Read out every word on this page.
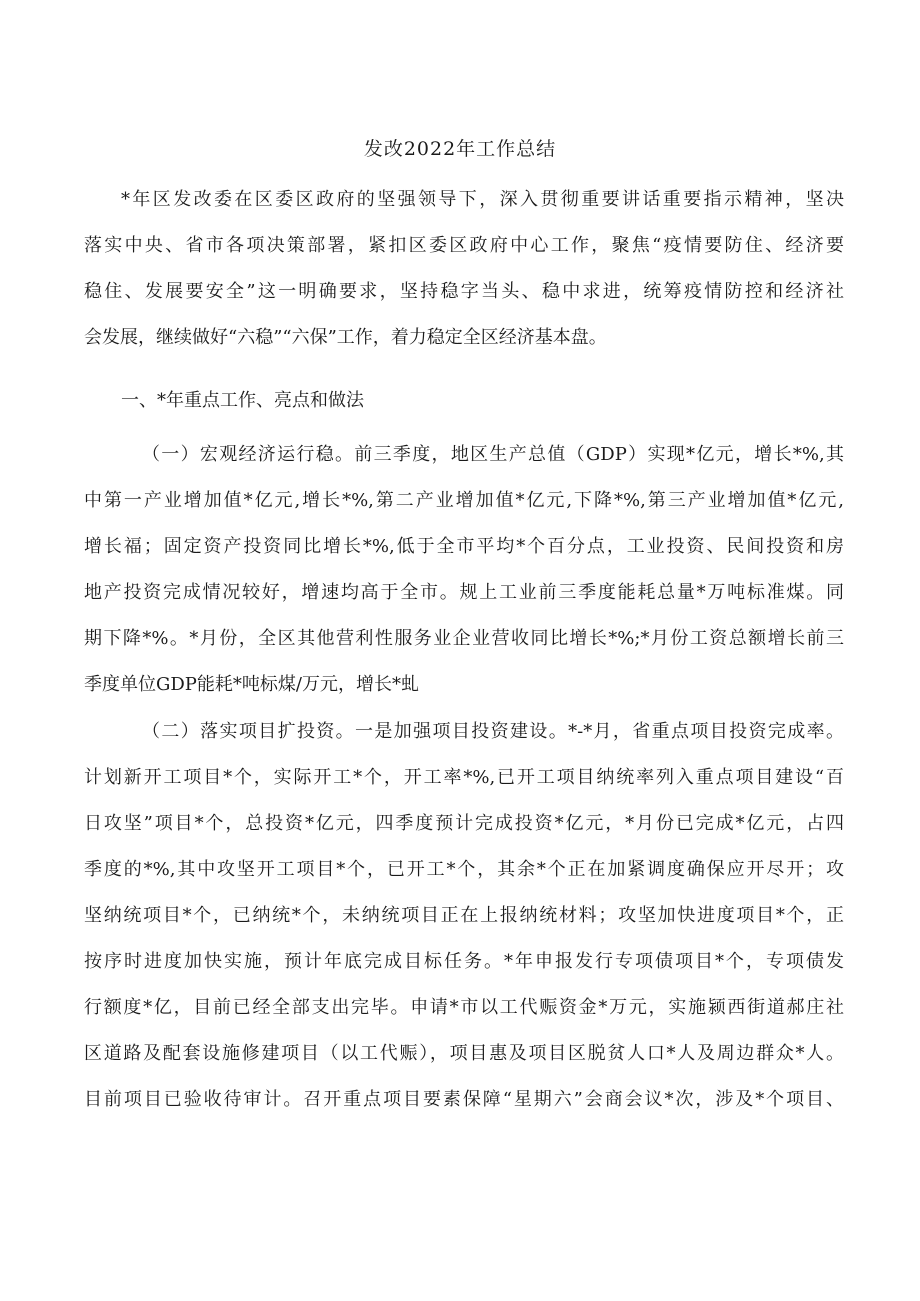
发改2022年工作总结
*年区发改委在区委区政府的坚强领导下，深入贯彻重要讲话重要指示精神，坚决
落实中央、省市各项决策部署，紧扣区委区政府中心工作，聚焦“疫情要防住、经济要
稳住、发展要安全”这一明确要求，坚持稳字当头、稳中求进，统筹疫情防控和经济社
会发展，继续做好“六稳”“六保”工作，着力稳定全区经济基本盘。
一、*年重点工作、亮点和做法
（一）宏观经济运行稳。前三季度，地区生产总值（GDP）实现*亿元，增长*%,其
中第一产业增加值*亿元,增长*%,第二产业增加值*亿元,下降*%,第三产业增加值*亿元,
增长福；固定资产投资同比增长*%,低于全市平均*个百分点，工业投资、民间投资和房
地产投资完成情况较好，增速均高于全市。规上工业前三季度能耗总量*万吨标准煤。同
期下降*%。*月份，全区其他营利性服务业企业营收同比增长*%;*月份工资总额增长前三
季度单位GDP能耗*吨标煤/万元，增长*虬
（二）落实项目扩投资。一是加强项目投资建设。*-*月，省重点项目投资完成率。
计划新开工项目*个，实际开工*个，开工率*%,已开工项目纳统率列入重点项目建设“百
日攻坚”项目*个，总投资*亿元，四季度预计完成投资*亿元，*月份已完成*亿元，占四
季度的*%,其中攻坚开工项目*个，已开工*个，其余*个正在加紧调度确保应开尽开；攻
坚纳统项目*个，已纳统*个，未纳统项目正在上报纳统材料；攻坚加快进度项目*个，正
按序时进度加快实施，预计年底完成目标任务。*年申报发行专项债项目*个，专项债发
行额度*亿，目前已经全部支出完毕。申请*市以工代赈资金*万元，实施颍西街道郝庄社
区道路及配套设施修建项目（以工代赈），项目惠及项目区脱贫人口*人及周边群众*人。
目前项目已验收待审计。召开重点项目要素保障“星期六”会商会议*次，涉及*个项目、
